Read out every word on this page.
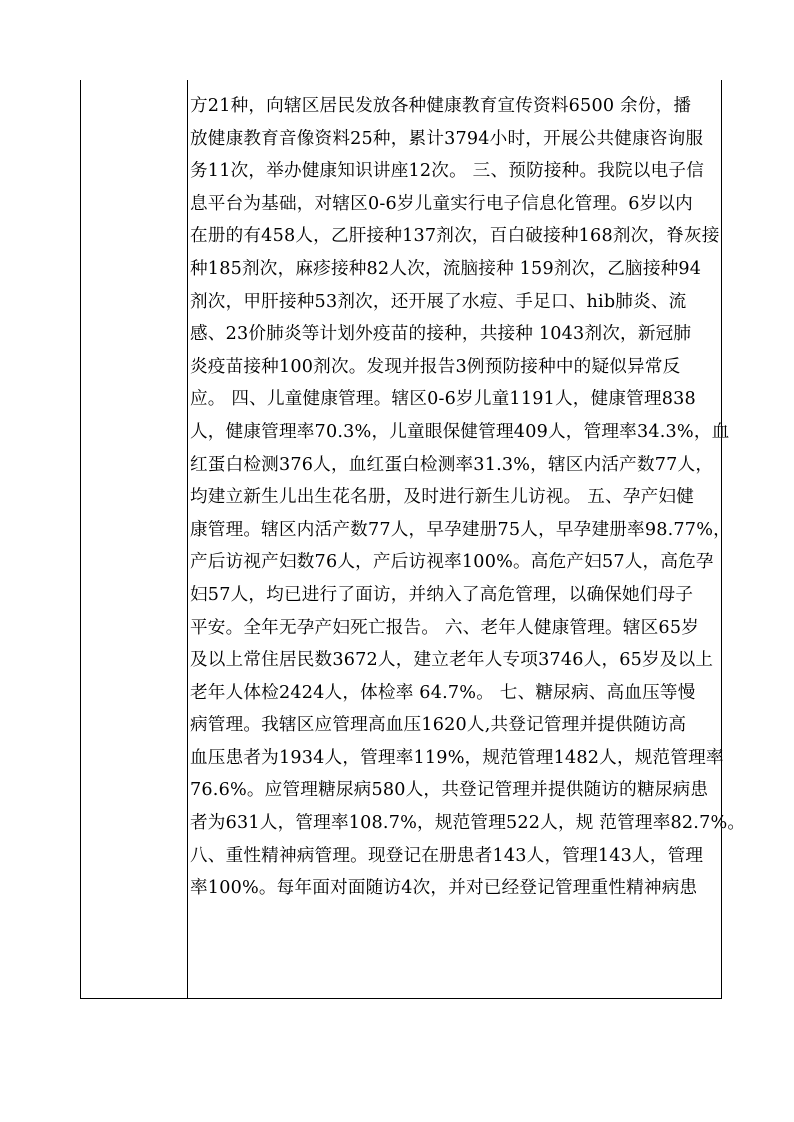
方21种，向辖区居民发放各种健康教育宣传资料6500 余份，播
放健康教育音像资料25种，累计3794小时，开展公共健康咨询服
务11次，举办健康知识讲座12次。 三、预防接种。我院以电子信
息平台为基础，对辖区0-6岁儿童实行电子信息化管理。6岁以内
在册的有458人，乙肝接种137剂次，百白破接种168剂次，脊灰接
种185剂次，麻疹接种82人次，流脑接种 159剂次，乙脑接种94
剂次，甲肝接种53剂次，还开展了水痘、手足口、hib肺炎、流
感、23价肺炎等计划外疫苗的接种，共接种 1043剂次，新冠肺
炎疫苗接种100剂次。发现并报告3例预防接种中的疑似异常反
应。 四、儿童健康管理。辖区0-6岁儿童1191人，健康管理838
人，健康管理率70.3%，儿童眼保健管理409人，管理率34.3%，血
红蛋白检测376人，血红蛋白检测率31.3%，辖区内活产数77人，
均建立新生儿出生花名册，及时进行新生儿访视。 五、孕产妇健
康管理。辖区内活产数77人，早孕建册75人，早孕建册率98.77%，
产后访视产妇数76人，产后访视率100%。高危产妇57人，高危孕
妇57人，均已进行了面访，并纳入了高危管理，以确保她们母子
平安。全年无孕产妇死亡报告。 六、老年人健康管理。辖区65岁
及以上常住居民数3672人，建立老年人专项3746人，65岁及以上
老年人体检2424人，体检率 64.7%。 七、糖尿病、高血压等慢
病管理。我辖区应管理高血压1620人,共登记管理并提供随访高
血压患者为1934人，管理率119%，规范管理1482人，规范管理率
76.6%。应管理糖尿病580人，共登记管理并提供随访的糖尿病患
者为631人，管理率108.7%，规范管理522人，规 范管理率82.7%。
八、重性精神病管理。现登记在册患者143人，管理143人，管理
率100%。每年面对面随访4次，并对已经登记管理重性精神病患
